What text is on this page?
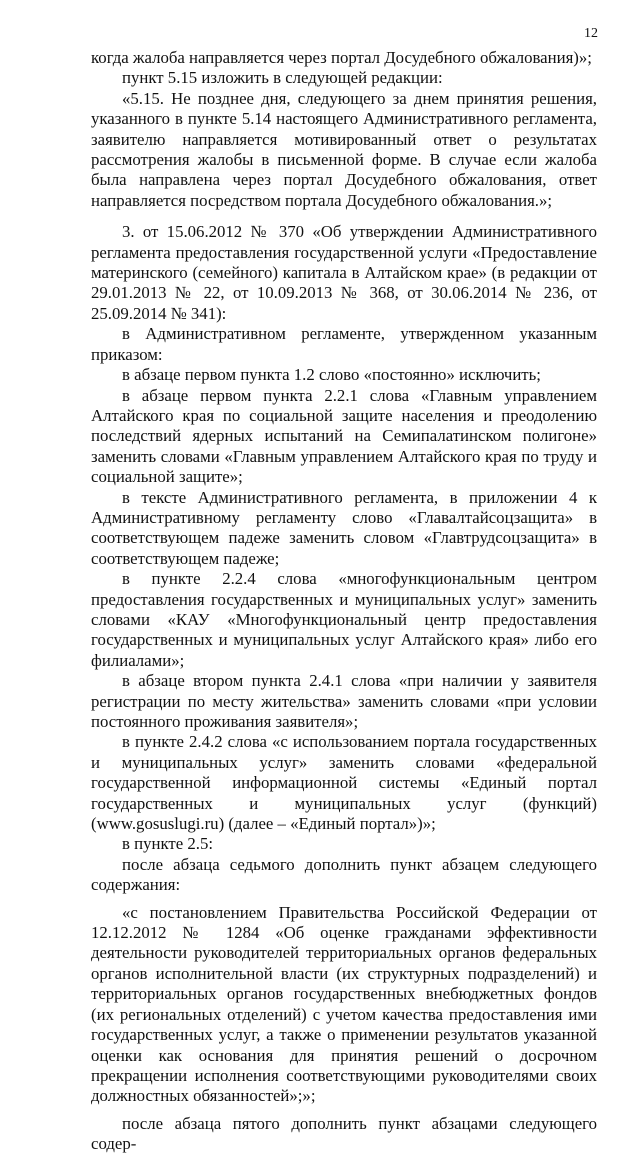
12

когда жалоба направляется через портал Досудебного обжалования)»;

пункт 5.15 изложить в следующей редакции:

«5.15. Не позднее дня, следующего за днем принятия решения, указанного в пункте 5.14 настоящего Административного регламента, заявителю направляется мотивированный ответ о результатах рассмотрения жалобы в письменной форме. В случае если жалоба была направлена через портал Досудебного обжалования, ответ направляется посредством портала Досудебного обжалования.»;

3. от 15.06.2012 № 370 «Об утверждении Административного регламента предоставления государственной услуги «Предоставление материнского (семейного) капитала в Алтайском крае» (в редакции от 29.01.2013 № 22, от 10.09.2013 № 368, от 30.06.2014 № 236, от 25.09.2014 № 341):

в Административном регламенте, утвержденном указанным приказом:

в абзаце первом пункта 1.2 слово «постоянно» исключить;

в абзаце первом пункта 2.2.1 слова «Главным управлением Алтайского края по социальной защите населения и преодолению последствий ядерных испытаний на Семипалатинском полигоне» заменить словами «Главным управлением Алтайского края по труду и социальной защите»;

в тексте Административного регламента, в приложении 4 к Административному регламенту слово «Главалтайсоцзащита» в соответствующем падеже заменить словом «Главтрудсоцзащита» в соответствующем падеже;

в пункте 2.2.4 слова «многофункциональным центром предоставления государственных и муниципальных услуг» заменить словами «КАУ «Многофункциональный центр предоставления государственных и муниципальных услуг Алтайского края» либо его филиалами»;

в абзаце втором пункта 2.4.1 слова «при наличии у заявителя регистрации по месту жительства» заменить словами «при условии постоянного проживания заявителя»;

в пункте 2.4.2 слова «с использованием портала государственных и муниципальных услуг» заменить словами «федеральной государственной информационной системы «Единый портал государственных и муниципальных услуг (функций) (www.gosuslugi.ru) (далее – «Единый портал»)»;

в пункте 2.5:

после абзаца седьмого дополнить пункт абзацем следующего содержания:

«с постановлением Правительства Российской Федерации от 12.12.2012 № 1284 «Об оценке гражданами эффективности деятельности руководителей территориальных органов федеральных органов исполнительной власти (их структурных подразделений) и территориальных органов государственных внебюджетных фондов (их региональных отделений) с учетом качества предоставления ими государственных услуг, а также о применении результатов указанной оценки как основания для принятия решений о досрочном прекращении исполнения соответствующими руководителями своих должностных обязанностей»;»;

после абзаца пятого дополнить пункт абзацами следующего содер-
